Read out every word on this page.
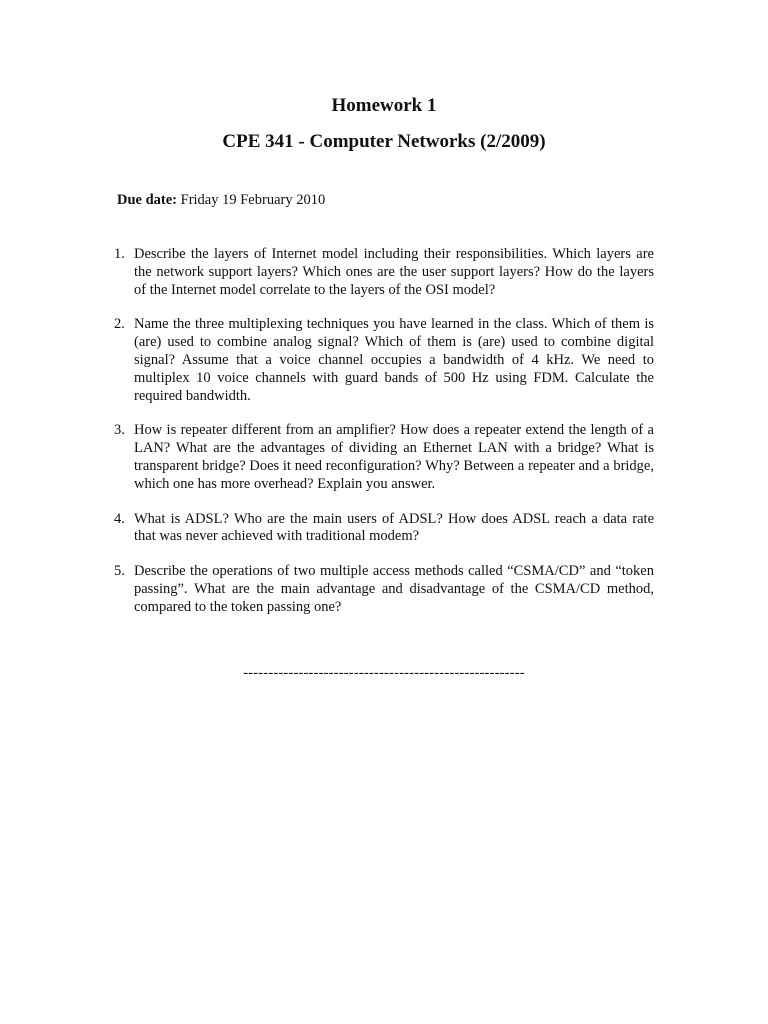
Homework 1
CPE 341 - Computer Networks (2/2009)
Due date: Friday 19 February 2010
1. Describe the layers of Internet model including their responsibilities. Which layers are the network support layers? Which ones are the user support layers? How do the layers of the Internet model correlate to the layers of the OSI model?
2. Name the three multiplexing techniques you have learned in the class. Which of them is (are) used to combine analog signal? Which of them is (are) used to combine digital signal? Assume that a voice channel occupies a bandwidth of 4 kHz. We need to multiplex 10 voice channels with guard bands of 500 Hz using FDM. Calculate the required bandwidth.
3. How is repeater different from an amplifier? How does a repeater extend the length of a LAN? What are the advantages of dividing an Ethernet LAN with a bridge? What is transparent bridge? Does it need reconfiguration? Why? Between a repeater and a bridge, which one has more overhead? Explain you answer.
4. What is ADSL? Who are the main users of ADSL? How does ADSL reach a data rate that was never achieved with traditional modem?
5. Describe the operations of two multiple access methods called “CSMA/CD” and “token passing”. What are the main advantage and disadvantage of the CSMA/CD method, compared to the token passing one?
--------------------------------------------------------
